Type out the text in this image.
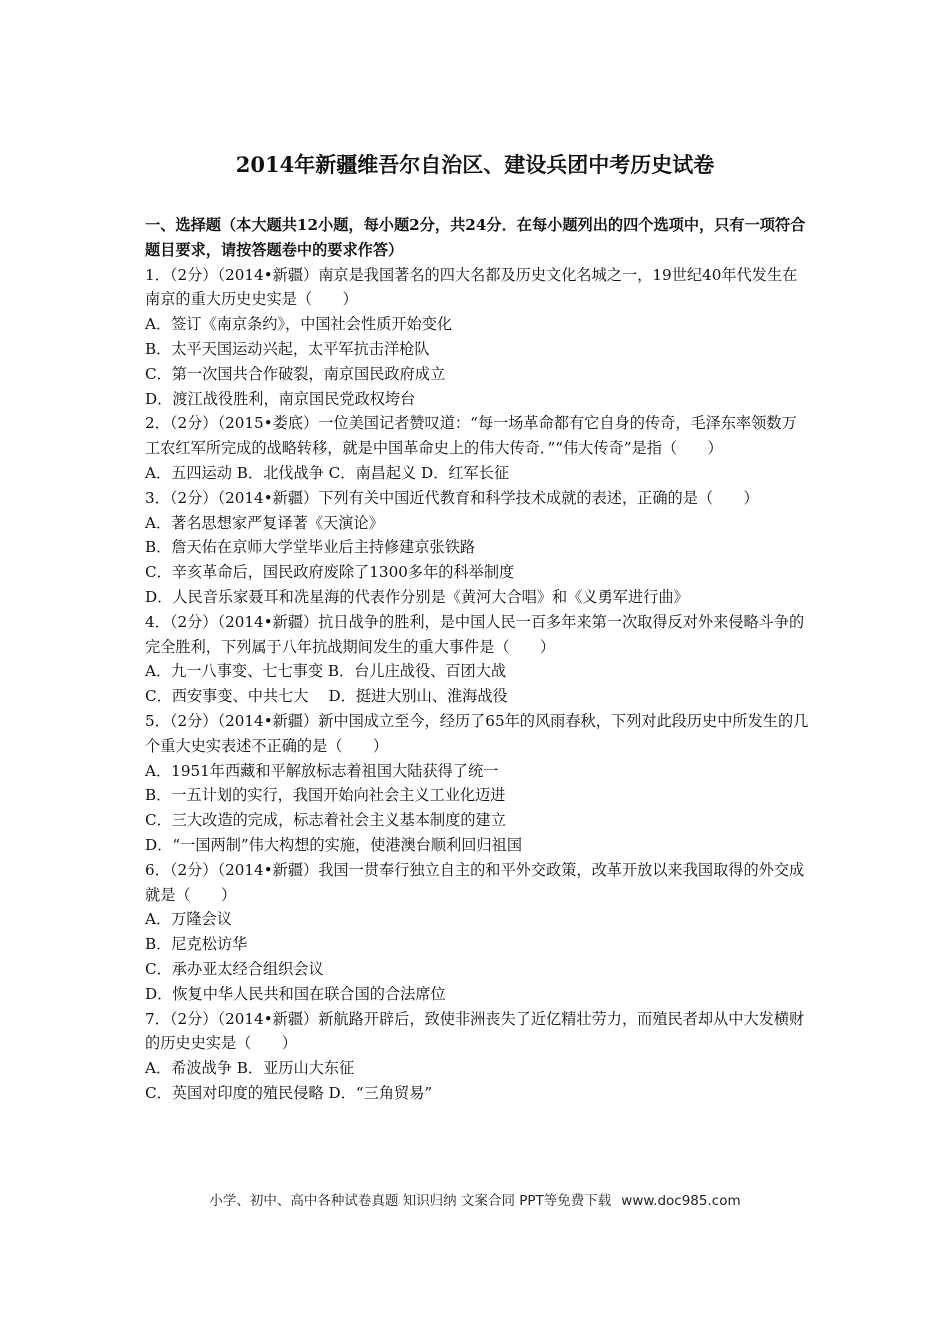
2014年新疆维吾尔自治区、建设兵团中考历史试卷
一、选择题（本大题共12小题，每小题2分，共24分．在每小题列出的四个选项中，只有一项符合题目要求，请按答题卷中的要求作答）

1．（2分）（2014•新疆）南京是我国著名的四大名都及历史文化名城之一，19世纪40年代发生在南京的重大历史史实是（　　）

A．签订《南京条约》，中国社会性质开始变化

B．太平天国运动兴起，太平军抗击洋枪队

C．第一次国共合作破裂，南京国民政府成立

D．渡江战役胜利，南京国民党政权垮台

2．（2分）（2015•娄底）一位美国记者赞叹道：“每一场革命都有它自身的传奇，毛泽东率领数万工农红军所完成的战略转移，就是中国革命史上的伟大传奇．”“伟大传奇”是指（　　）

A．五四运动 B．北伐战争 C．南昌起义 D．红军长征

3．（2分）（2014•新疆）下列有关中国近代教育和科学技术成就的表述，正确的是（　　）

A．著名思想家严复译著《天演论》

B．詹天佑在京师大学堂毕业后主持修建京张铁路

C．辛亥革命后，国民政府废除了1300多年的科举制度

D．人民音乐家聂耳和冼星海的代表作分别是《黄河大合唱》和《义勇军进行曲》

4．（2分）（2014•新疆）抗日战争的胜利，是中国人民一百多年来第一次取得反对外来侵略斗争的完全胜利，下列属于八年抗战期间发生的重大事件是（　　）

A．九一八事变、七七事变 B．台儿庄战役、百团大战

C．西安事变、中共七大　 D．挺进大别山、淮海战役

5．（2分）（2014•新疆）新中国成立至今，经历了65年的风雨春秋，下列对此段历史中所发生的几个重大史实表述不正确的是（　　）

A．1951年西藏和平解放标志着祖国大陆获得了统一

B．一五计划的实行，我国开始向社会主义工业化迈进

C．三大改造的完成，标志着社会主义基本制度的建立

D．“一国两制”伟大构想的实施，使港澳台顺利回归祖国

6．（2分）（2014•新疆）我国一贯奉行独立自主的和平外交政策，改革开放以来我国取得的外交成就是（　　）

A．万隆会议

B．尼克松访华

C．承办亚太经合组织会议

D．恢复中华人民共和国在联合国的合法席位

7．（2分）（2014•新疆）新航路开辟后，致使非洲丧失了近亿精壮劳力，而殖民者却从中大发横财的历史史实是（　　）

A．希波战争 B．亚历山大东征

C．英国对印度的殖民侵略 D．“三角贸易”

小学、初中、高中各种试卷真题 知识归纳 文案合同 PPT等免费下载 www.doc985.com
